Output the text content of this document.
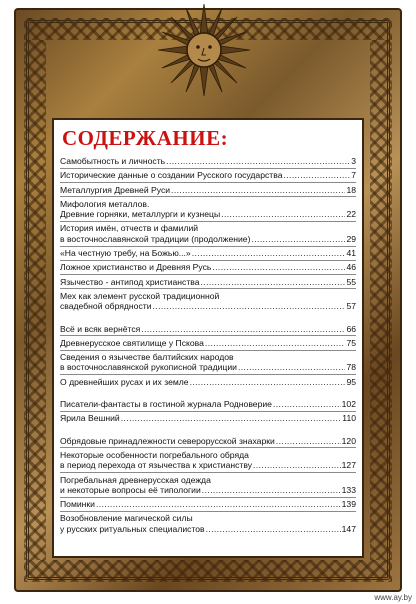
СОДЕРЖАНИЕ:
Самобытность и личность .....	3
Исторические данные о создании Русского государства .....	7
Металлургия Древней Руси .....	18
Мифология металлов.
Древние горняки, металлурги и кузнецы .....	22
История имён, отчеств и фамилий
в восточнославянской традиции (продолжение) .....	29
«На честную требу, на Божью...» .....	41
Ложное христианство и Древняя Русь .....	46
Язычество - антипод христианства .....	55
Мех как элемент русской традиционной
свадебной обрядности .....	57
Всё и всяк вернётся .....	66
Древнерусское святилище у Пскова .....	75
Сведения о язычестве балтийских народов
в восточнославянской рукописной традиции .....	78
О древнейших русах и их земле .....	95
Писатели-фантасты в гостиной журнала Родноверие .....	102
Ярила Вешний .....	110
Обрядовые принадлежности северорусской знахарки .....	120
Некоторые особенности погребального обряда
в период перехода от язычества к христианству .....	127
Погребальная древнерусская одежда
и некоторые вопросы её типологии .....	133
Поминки .....	139
Возобновление магической силы
у русских ритуальных специалистов .....	147
www.ay.by
